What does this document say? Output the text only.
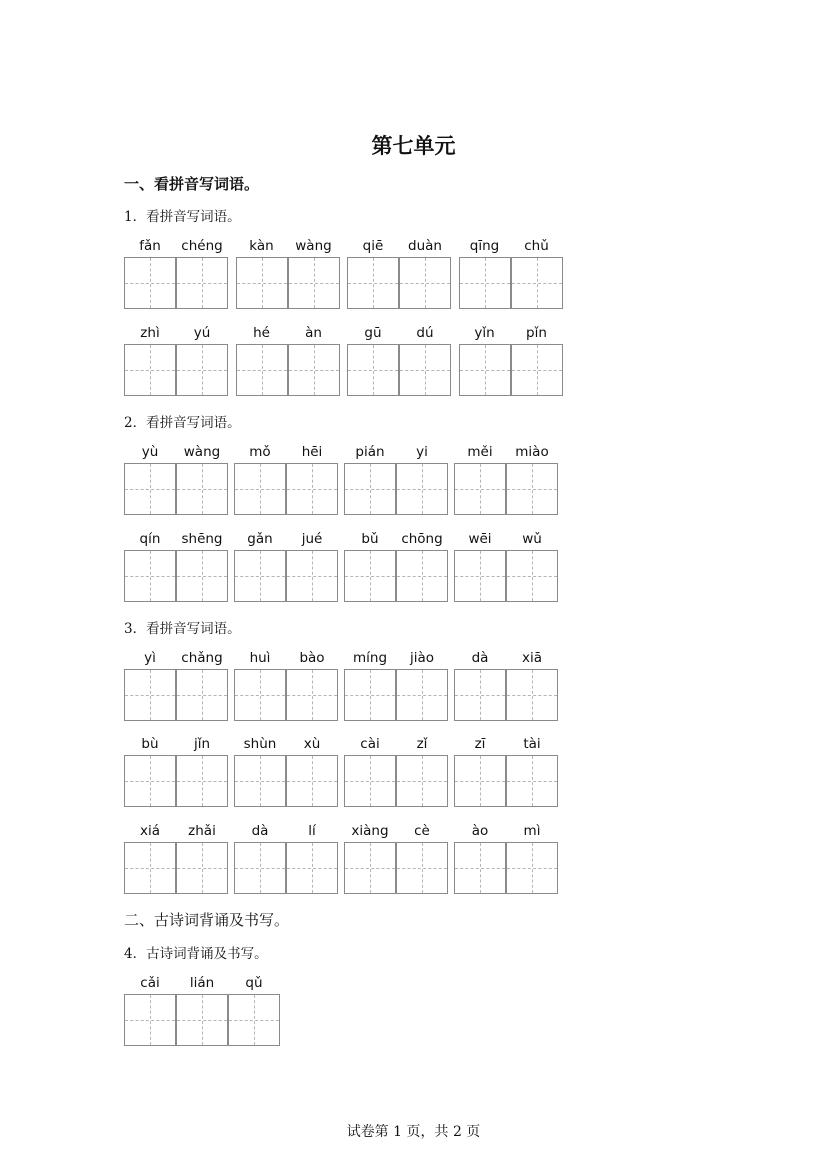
第七单元
一、看拼音写词语。
1．看拼音写词语。
fǎn	chéng	kàn	wàng	qiē	duàn	qīng	chǔ
zhì	yú	hé	àn	gū	dú	yǐn	pǐn
2．看拼音写词语。
yù	wàng	mǒ	hēi	pián	yi	měi	miào
qín	shēng	gǎn	jué	bǔ	chōng	wēi	wǔ
3．看拼音写词语。
yì	chǎng	huì	bào	míng	jiào	dà	xiā
bù	jǐn	shùn	xù	cài	zǐ	zī	tài
xiá	zhǎi	dà	lí	xiàng	cè	ào	mì
二、古诗词背诵及书写。
4．古诗词背诵及书写。
cǎi	lián	qǔ
试卷第 1 页，共 2 页
